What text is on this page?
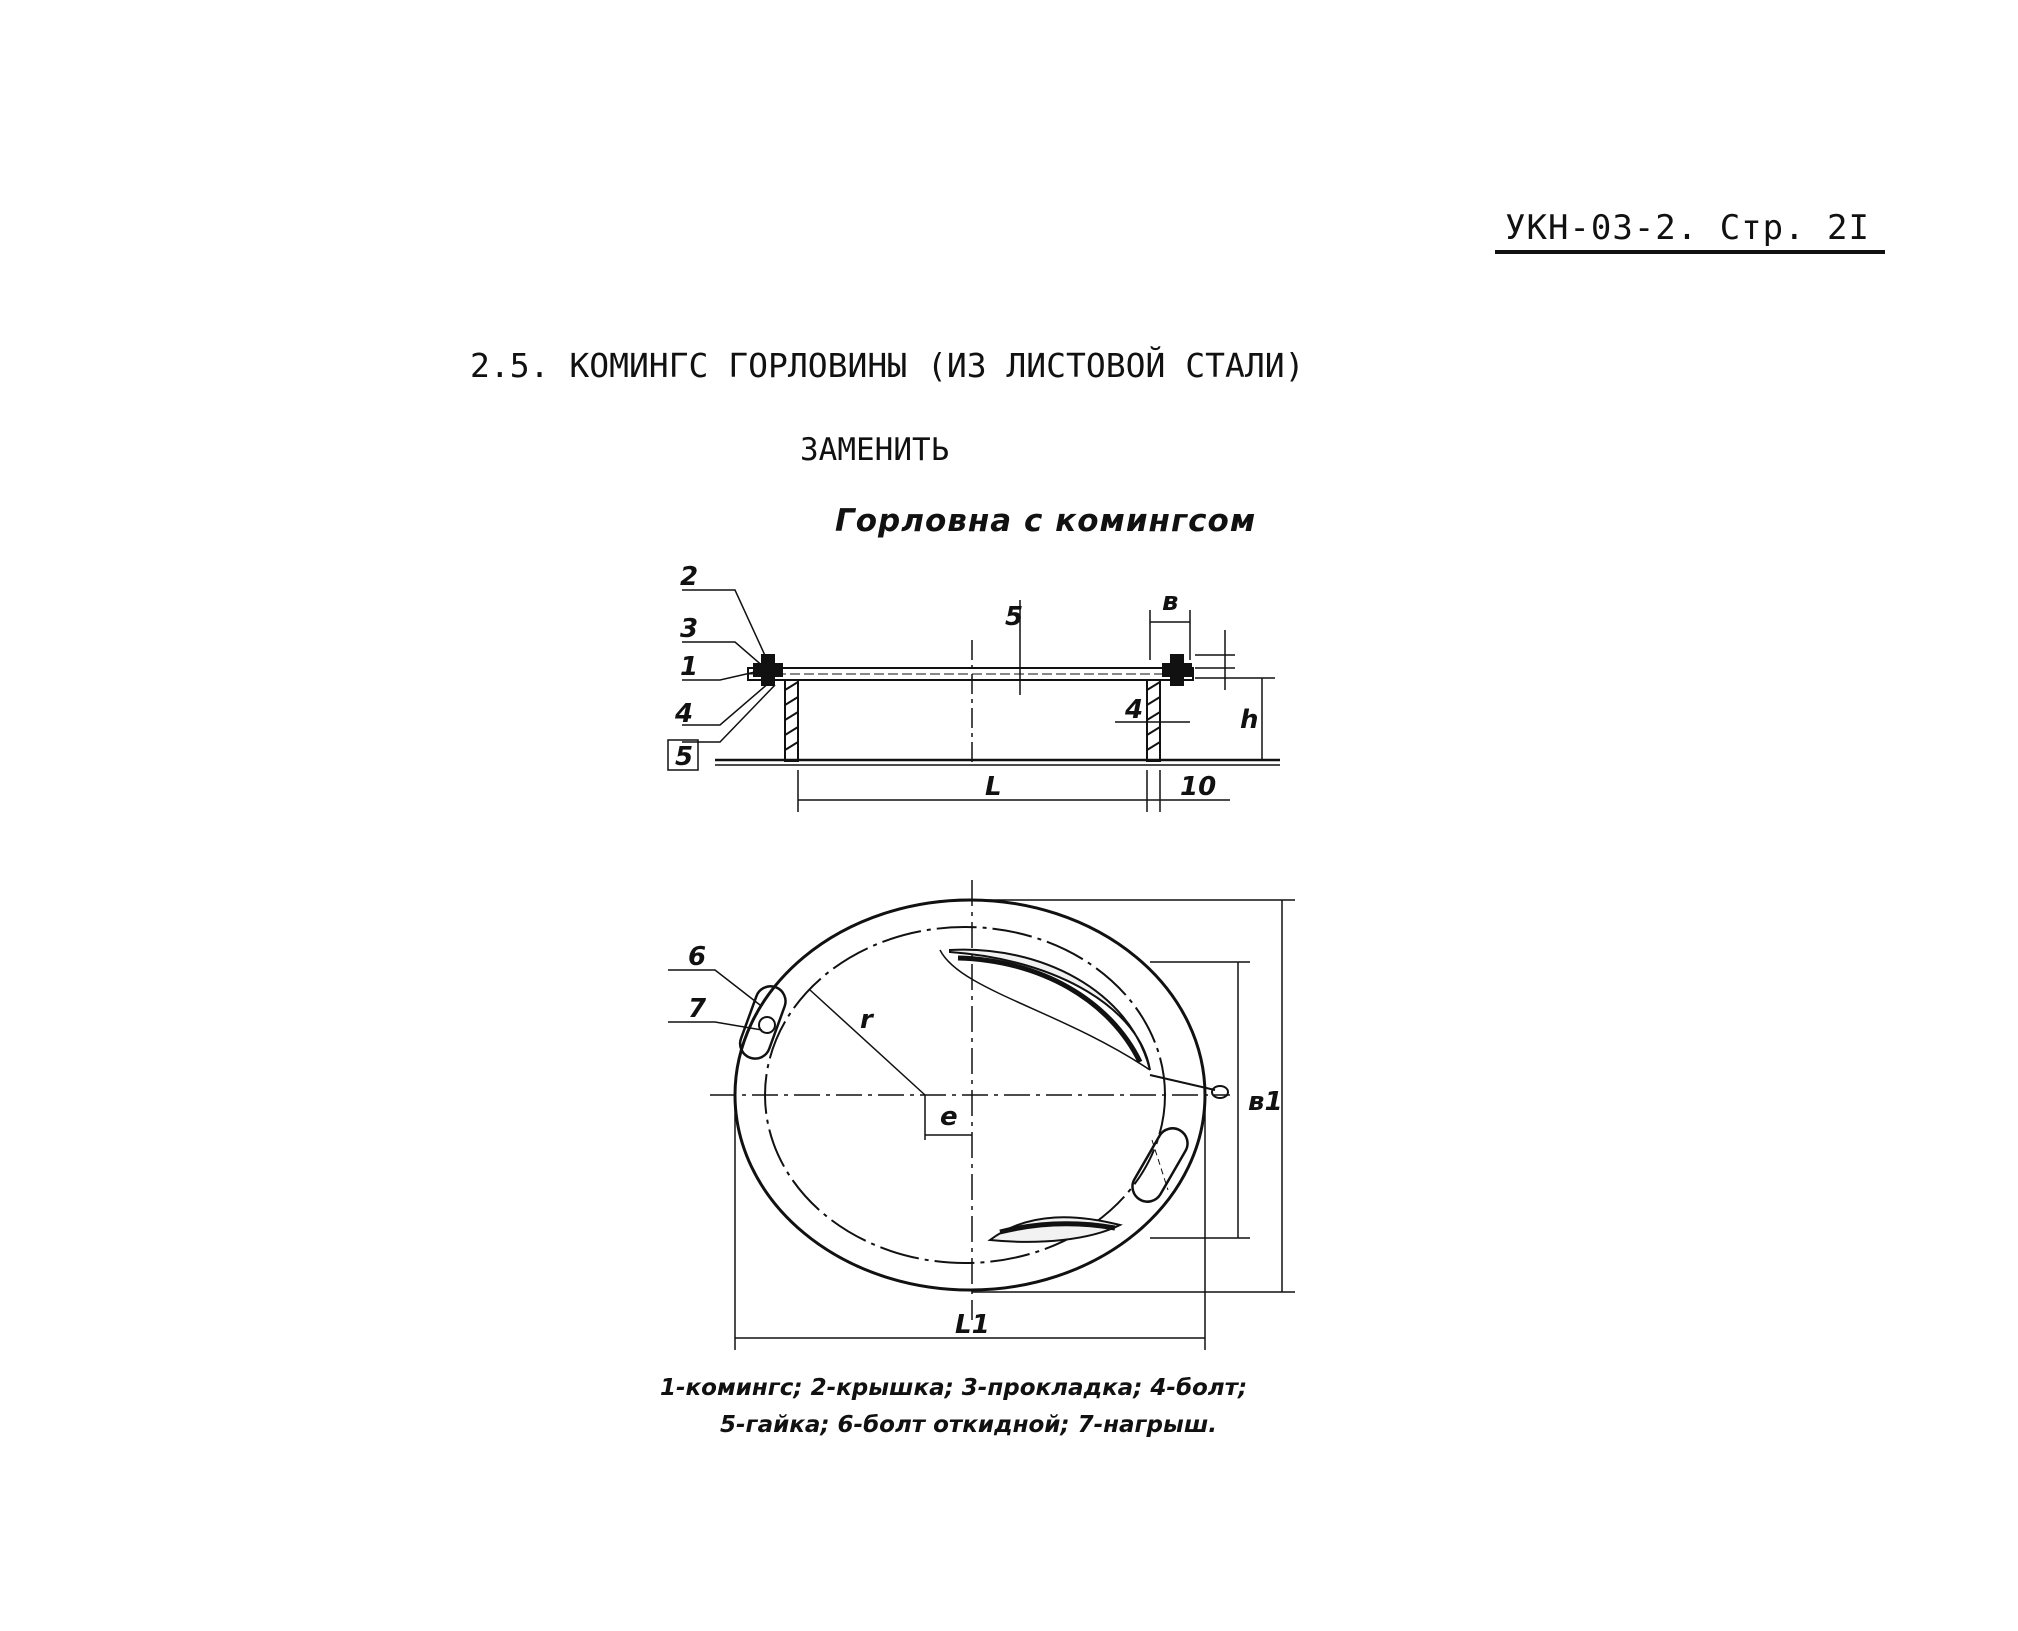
УКН-03-2. Стр. 2I
2.5. КОМИНГС ГОРЛОВИНЫ (ИЗ ЛИСТОВОЙ СТАЛИ)
ЗАМЕНИТЬ
Горловна с комингсом
2
3
1
4
5
в
5
4	h
L	10
6
7	r
e	в1
L1
1-комингс; 2-крышка; 3-прокладка; 4-болт;
5-гайка; 6-болт откидной; 7-нагрыш.
